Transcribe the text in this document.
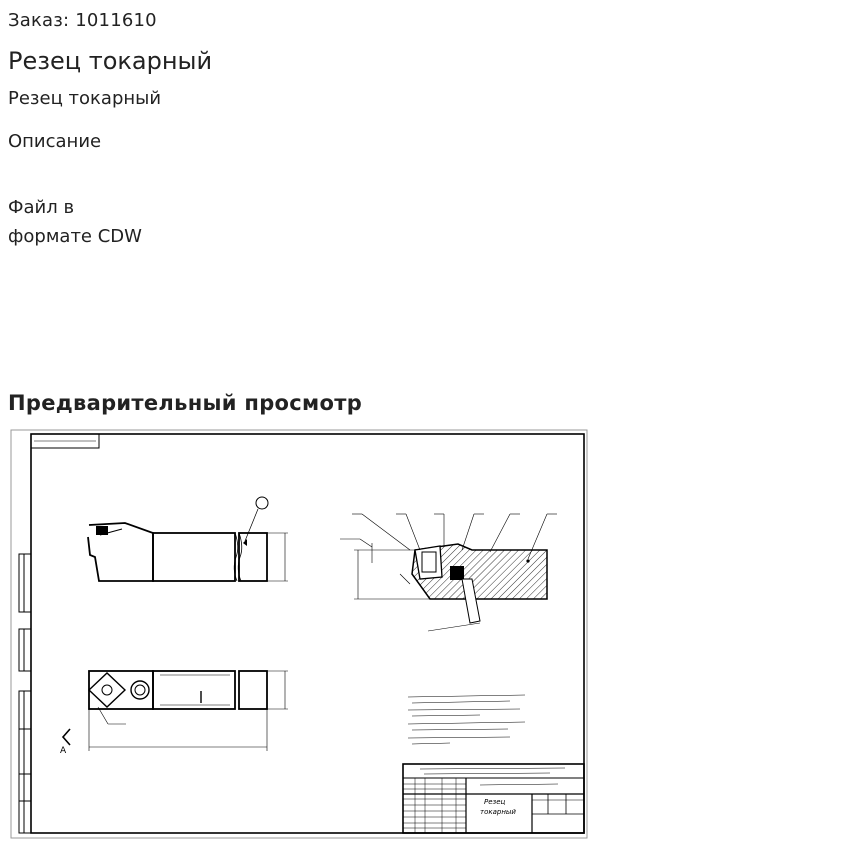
Заказ: 1011610
Резец токарный
Резец токарный
Описание
Файл в
формате CDW
Предварительный просмотр
А
Резец
токарный
